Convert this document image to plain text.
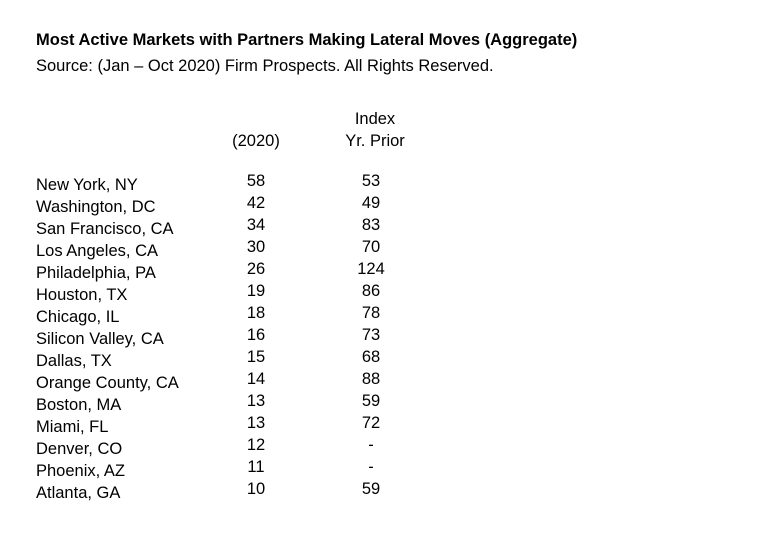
Most Active Markets with Partners Making Lateral Moves (Aggregate)
Source: (Jan – Oct 2020) Firm Prospects. All Rights Reserved.
Index
Yr. Prior
(2020)
New York, NY	58	53
Washington, DC	42	49
San Francisco, CA	34	83
Los Angeles, CA	30	70
Philadelphia, PA	26	124
Houston, TX	19	86
Chicago, IL	18	78
Silicon Valley, CA	16	73
Dallas, TX	15	68
Orange County, CA	14	88
Boston, MA	13	59
Miami, FL	13	72
Denver, CO	12	-
Phoenix, AZ	11	-
Atlanta, GA	10	59
